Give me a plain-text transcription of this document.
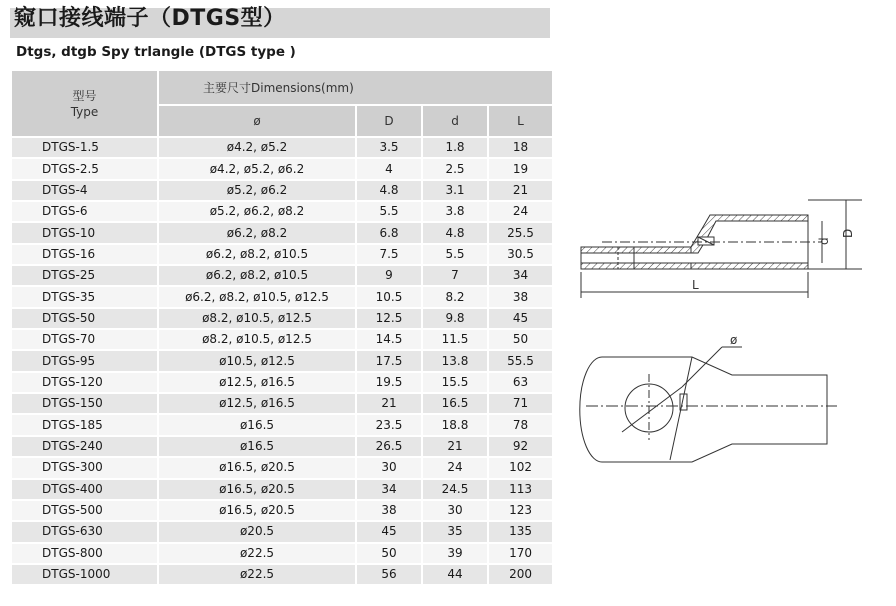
窥口接线端子（DTGS型）
Dtgs, dtgb Spy trlangle (DTGS type )
型号
Type	主要尺寸Dimensions(mm)			
	ø	D	d	L
DTGS-1.5	ø4.2, ø5.2	3.5	1.8	18
DTGS-2.5	ø4.2, ø5.2, ø6.2	4	2.5	19
DTGS-4	ø5.2, ø6.2	4.8	3.1	21
DTGS-6	ø5.2, ø6.2, ø8.2	5.5	3.8	24
DTGS-10	ø6.2, ø8.2	6.8	4.8	25.5
DTGS-16	ø6.2, ø8.2, ø10.5	7.5	5.5	30.5
DTGS-25	ø6.2, ø8.2, ø10.5	9	7	34
DTGS-35	ø6.2, ø8.2, ø10.5, ø12.5	10.5	8.2	38
DTGS-50	ø8.2, ø10.5, ø12.5	12.5	9.8	45
DTGS-70	ø8.2, ø10.5, ø12.5	14.5	11.5	50
DTGS-95	ø10.5, ø12.5	17.5	13.8	55.5
DTGS-120	ø12.5, ø16.5	19.5	15.5	63
DTGS-150	ø12.5, ø16.5	21	16.5	71
DTGS-185	ø16.5	23.5	18.8	78
DTGS-240	ø16.5	26.5	21	92
DTGS-300	ø16.5, ø20.5	30	24	102
DTGS-400	ø16.5, ø20.5	34	24.5	113
DTGS-500	ø16.5, ø20.5	38	30	123
DTGS-630	ø20.5	45	35	135
DTGS-800	ø22.5	50	39	170
DTGS-1000	ø22.5	56	44	200
d
D
L
ø
